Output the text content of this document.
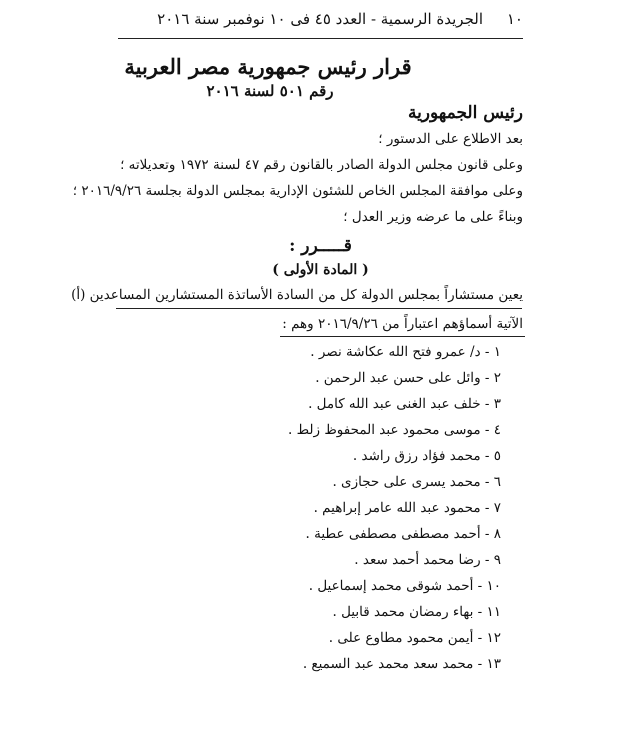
١٠
الجريدة الرسمية - العدد ٤٥ فى ١٠ نوفمبر سنة ٢٠١٦
قرار رئيس جمهورية مصر العربية
رقم ٥٠١ لسنة ٢٠١٦
رئيس الجمهورية
بعد الاطلاع على الدستور ؛
وعلى قانون مجلس الدولة الصادر بالقانون رقم ٤٧ لسنة ١٩٧٢ وتعديلاته ؛
وعلى موافقة المجلس الخاص للشئون الإدارية بمجلس الدولة بجلسة ٢٠١٦/٩/٢٦ ؛
وبناءً على ما عرضه وزير العدل ؛
قـــــرر :
( المادة الأولى )
يعين مستشاراً بمجلس الدولة كل من السادة الأساتذة المستشارين المساعدين (أ)
الآتية أسماؤهم اعتباراً من ٢٠١٦/٩/٢٦ وهم :
١ - د/ عمرو فتح الله عكاشة نصر .
٢ - وائل على حسن عبد الرحمن .
٣ - خلف عبد الغنى عبد الله كامل .
٤ - موسى محمود عبد المحفوظ زلط .
٥ - محمد فؤاد رزق راشد .
٦ - محمد يسرى على حجازى .
٧ - محمود عبد الله عامر إبراهيم .
٨ - أحمد مصطفى مصطفى عطية .
٩ - رضا محمد أحمد سعد .
١٠ - أحمد شوقى محمد إسماعيل .
١١ - بهاء رمضان محمد قابيل .
١٢ - أيمن محمود مطاوع على .
١٣ - محمد سعد محمد عبد السميع .
